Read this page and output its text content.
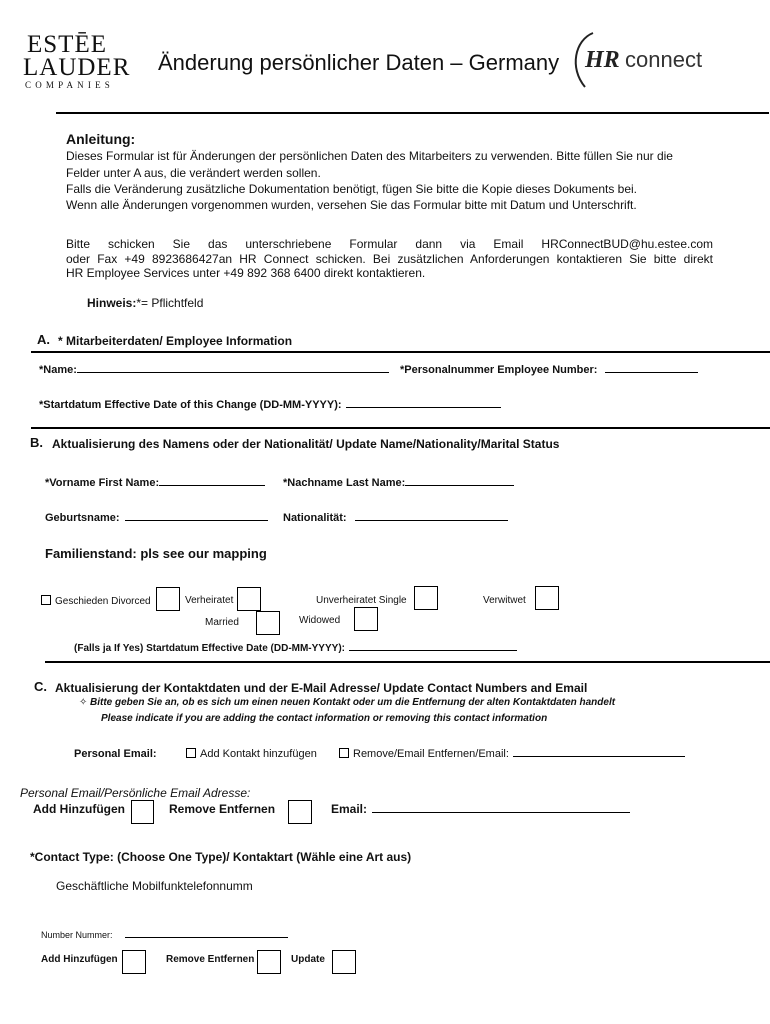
ESTĒE
LAUDER
COMPANIES
Änderung persönlicher Daten – Germany HR connect
Anleitung:
Dieses Formular ist für Änderungen der persönlichen Daten des Mitarbeiters zu verwenden. Bitte füllen Sie nur die
Felder unter A aus, die verändert werden sollen.
Falls die Veränderung zusätzliche Dokumentation benötigt, fügen Sie bitte die Kopie dieses Dokuments bei.
Wenn alle Änderungen vorgenommen wurden, versehen Sie das Formular bitte mit Datum und Unterschrift.
Bitte schicken Sie das unterschriebene Formular dann via Email HRConnectBUD@hu.estee.com
oder Fax +49 8923686427an HR Connect schicken. Bei zusätzlichen Anforderungen kontaktieren Sie bitte direkt
HR Employee Services unter +49 892 368 6400 direkt kontaktieren.
Hinweis:*= Pflichtfeld
A. * Mitarbeiterdaten/ Employee Information
*Name:	*Personalnummer Employee Number:
*Startdatum Effective Date of this Change (DD-MM-YYYY):
B. Aktualisierung des Namens oder der Nationalität/ Update Name/Nationality/Marital Status
*Vorname First Name:	*Nachname Last Name:
Geburtsname:	Nationalität:
Familienstand: pls see our mapping
Geschieden Divorced	Verheiratet
Married
Unverheiratet Single	Verwitwet
Widowed
(Falls ja If Yes) Startdatum Effective Date (DD-MM-YYYY):
C. Aktualisierung der Kontaktdaten und der E-Mail Adresse/ Update Contact Numbers and Email
✧ Bitte geben Sie an, ob es sich um einen neuen Kontakt oder um die Entfernung der alten Kontaktdaten handelt
Please indicate if you are adding the contact information or removing this contact information
Personal Email:	Add Kontakt hinzufügen	Remove/Email Entfernen/Email:
Personal Email/Persönliche Email Adresse:
Add Hinzufügen	Remove Entfernen	Email:
*Contact Type: (Choose One Type)/ Kontaktart (Wähle eine Art aus)
Geschäftliche Mobilfunktelefonnumm
Number Nummer:
Add Hinzufügen	Remove Entfernen	Update
